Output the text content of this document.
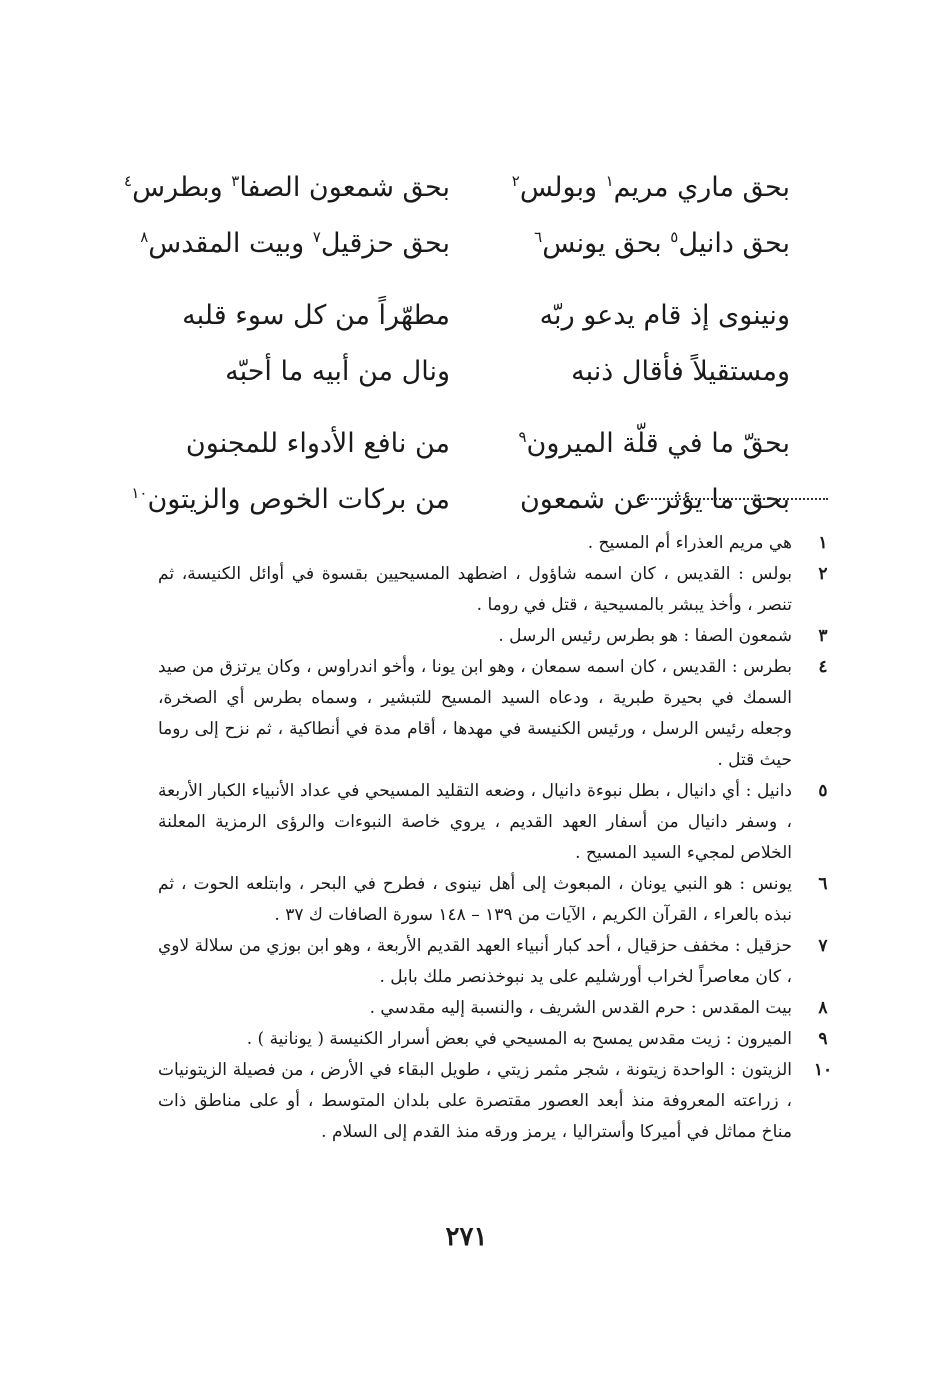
بحق ماري مريم$^١$ وبولس$^٢$
بحق شمعون الصفا$^٣$ وبطرس$^٤$
بحق دانيل$^٥$ بحق يونس$^٦$
بحق حزقيل$^٧$ وبيت المقدس$^٨$
ونينوى إذ قام يدعو ربّه
مطهّراً من كل سوء قلبه
ومستقيلاً فأقال ذنبه
ونال من أبيه ما أحبّه
بحقّ ما في قلّة الميرون$^٩$
من نافع الأدواء للمجنون
بحق ما يؤثر عن شمعون
من بركات الخوص والزيتون$^{١٠}$
١
هي مريم العذراء أم المسيح .
٢
بولس : القديس ، كان اسمه شاؤول ، اضطهد المسيحيين بقسوة في أوائل الكنيسة، ثم تنصر ، وأخذ يبشر بالمسيحية ، قتل في روما .
٣
شمعون الصفا : هو بطرس رئيس الرسل .
٤
بطرس : القديس ، كان اسمه سمعان ، وهو ابن يونا ، وأخو اندراوس ، وكان يرتزق من صيد السمك في بحيرة طبرية ، ودعاه السيد المسيح للتبشير ، وسماه بطرس أي الصخرة، وجعله رئيس الرسل ، ورئيس الكنيسة في مهدها ، أقام مدة في أنطاكية ، ثم نزح إلى روما حيث قتل .
٥
دانيل : أي دانيال ، بطل نبوءة دانيال ، وضعه التقليد المسيحي في عداد الأنبياء الكبار الأربعة ، وسفر دانيال من أسفار العهد القديم ، يروي خاصة النبوءات والرؤى الرمزية المعلنة الخلاص لمجيء السيد المسيح .
٦
يونس : هو النبي يونان ، المبعوث إلى أهل نينوى ، فطرح في البحر ، وابتلعه الحوت ، ثم نبذه بالعراء ، القرآن الكريم ، الآيات من ١٣٩ – ١٤٨ سورة الصافات ك ٣٧ .
٧
حزقيل : مخفف حزقيال ، أحد كبار أنبياء العهد القديم الأربعة ، وهو ابن بوزي من سلالة لاوي ، كان معاصراً لخراب أورشليم على يد نبوخذنصر ملك بابل .
٨
بيت المقدس : حرم القدس الشريف ، والنسبة إليه مقدسي .
٩
الميرون : زيت مقدس يمسح به المسيحي في بعض أسرار الكنيسة ( يونانية ) .
١٠
الزيتون : الواحدة زيتونة ، شجر مثمر زيتي ، طويل البقاء في الأرض ، من فصيلة الزيتونيات ، زراعته المعروفة منذ أبعد العصور مقتصرة على بلدان المتوسط ، أو على مناطق ذات مناخ مماثل في أميركا وأستراليا ، يرمز ورقه منذ القدم إلى السلام .
٢٧١
